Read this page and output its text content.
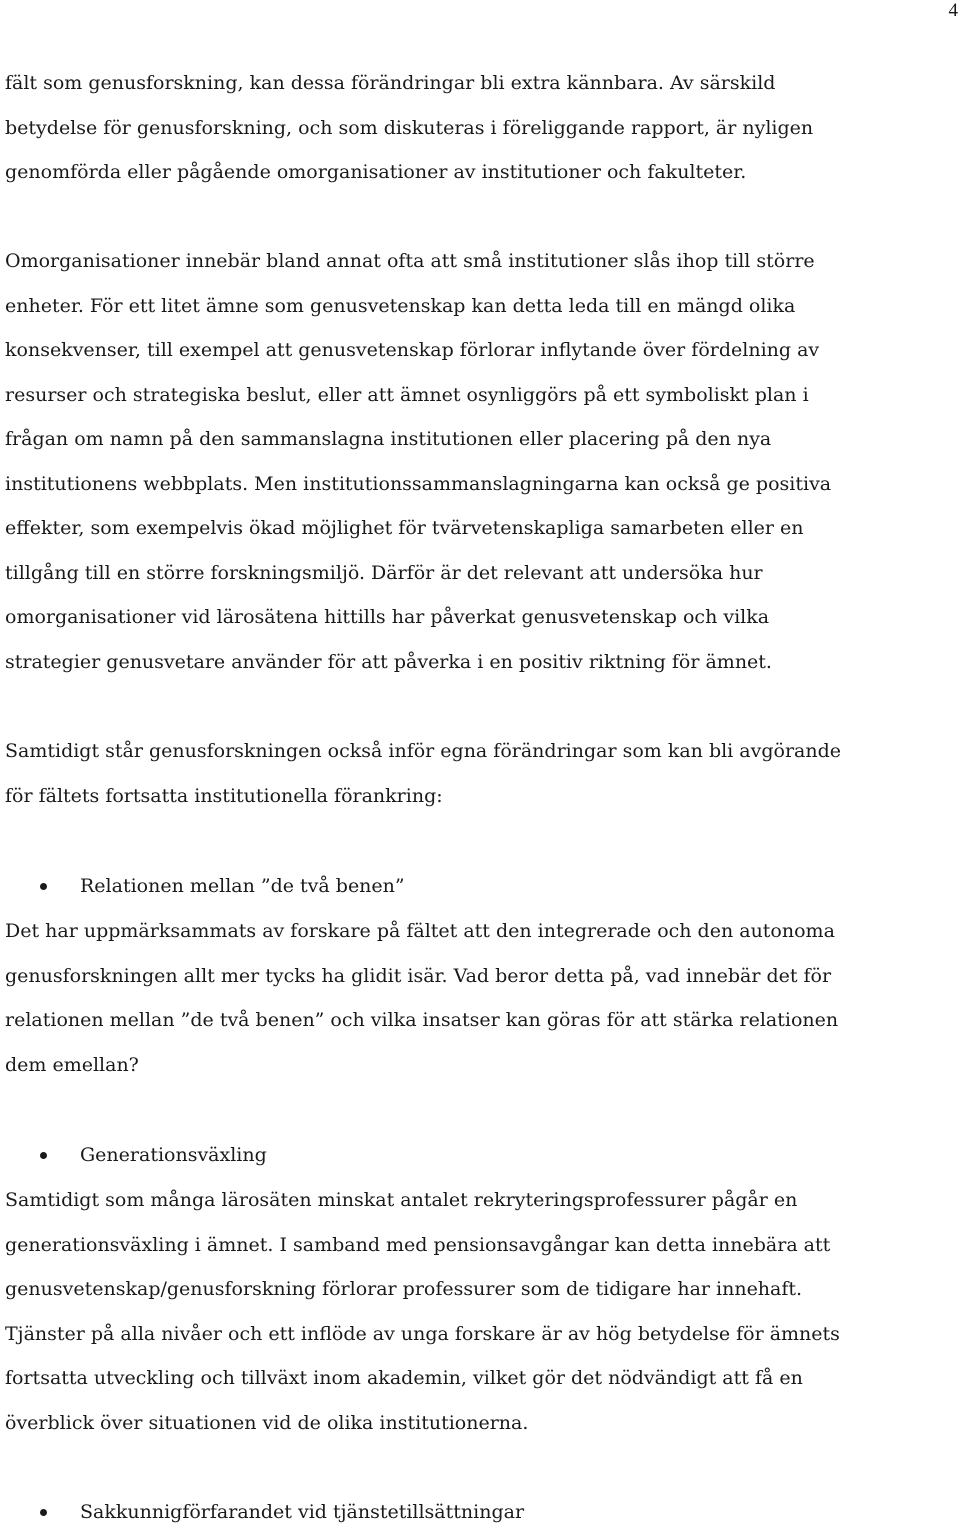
4
fält som genusforskning, kan dessa förändringar bli extra kännbara. Av särskild
betydelse för genusforskning, och som diskuteras i föreliggande rapport, är nyligen
genomförda eller pågående omorganisationer av institutioner och fakulteter.
Omorganisationer innebär bland annat ofta att små institutioner slås ihop till större
enheter. För ett litet ämne som genusvetenskap kan detta leda till en mängd olika
konsekvenser, till exempel att genusvetenskap förlorar inflytande över fördelning av
resurser och strategiska beslut, eller att ämnet osynliggörs på ett symboliskt plan i
frågan om namn på den sammanslagna institutionen eller placering på den nya
institutionens webbplats. Men institutionssammanslagningarna kan också ge positiva
effekter, som exempelvis ökad möjlighet för tvärvetenskapliga samarbeten eller en
tillgång till en större forskningsmiljö. Därför är det relevant att undersöka hur
omorganisationer vid lärosätena hittills har påverkat genusvetenskap och vilka
strategier genusvetare använder för att påverka i en positiv riktning för ämnet.
Samtidigt står genusforskningen också inför egna förändringar som kan bli avgörande
för fältets fortsatta institutionella förankring:
Relationen mellan ”de två benen”
Det har uppmärksammats av forskare på fältet att den integrerade och den autonoma
genusforskningen allt mer tycks ha glidit isär. Vad beror detta på, vad innebär det för
relationen mellan ”de två benen” och vilka insatser kan göras för att stärka relationen
dem emellan?
Generationsväxling
Samtidigt som många lärosäten minskat antalet rekryteringsprofessurer pågår en
generationsväxling i ämnet. I samband med pensionsavgångar kan detta innebära att
genusvetenskap/genusforskning förlorar professurer som de tidigare har innehaft.
Tjänster på alla nivåer och ett inflöde av unga forskare är av hög betydelse för ämnets
fortsatta utveckling och tillväxt inom akademin, vilket gör det nödvändigt att få en
överblick över situationen vid de olika institutionerna.
Sakkunnigförfarandet vid tjänstetillsättningar
